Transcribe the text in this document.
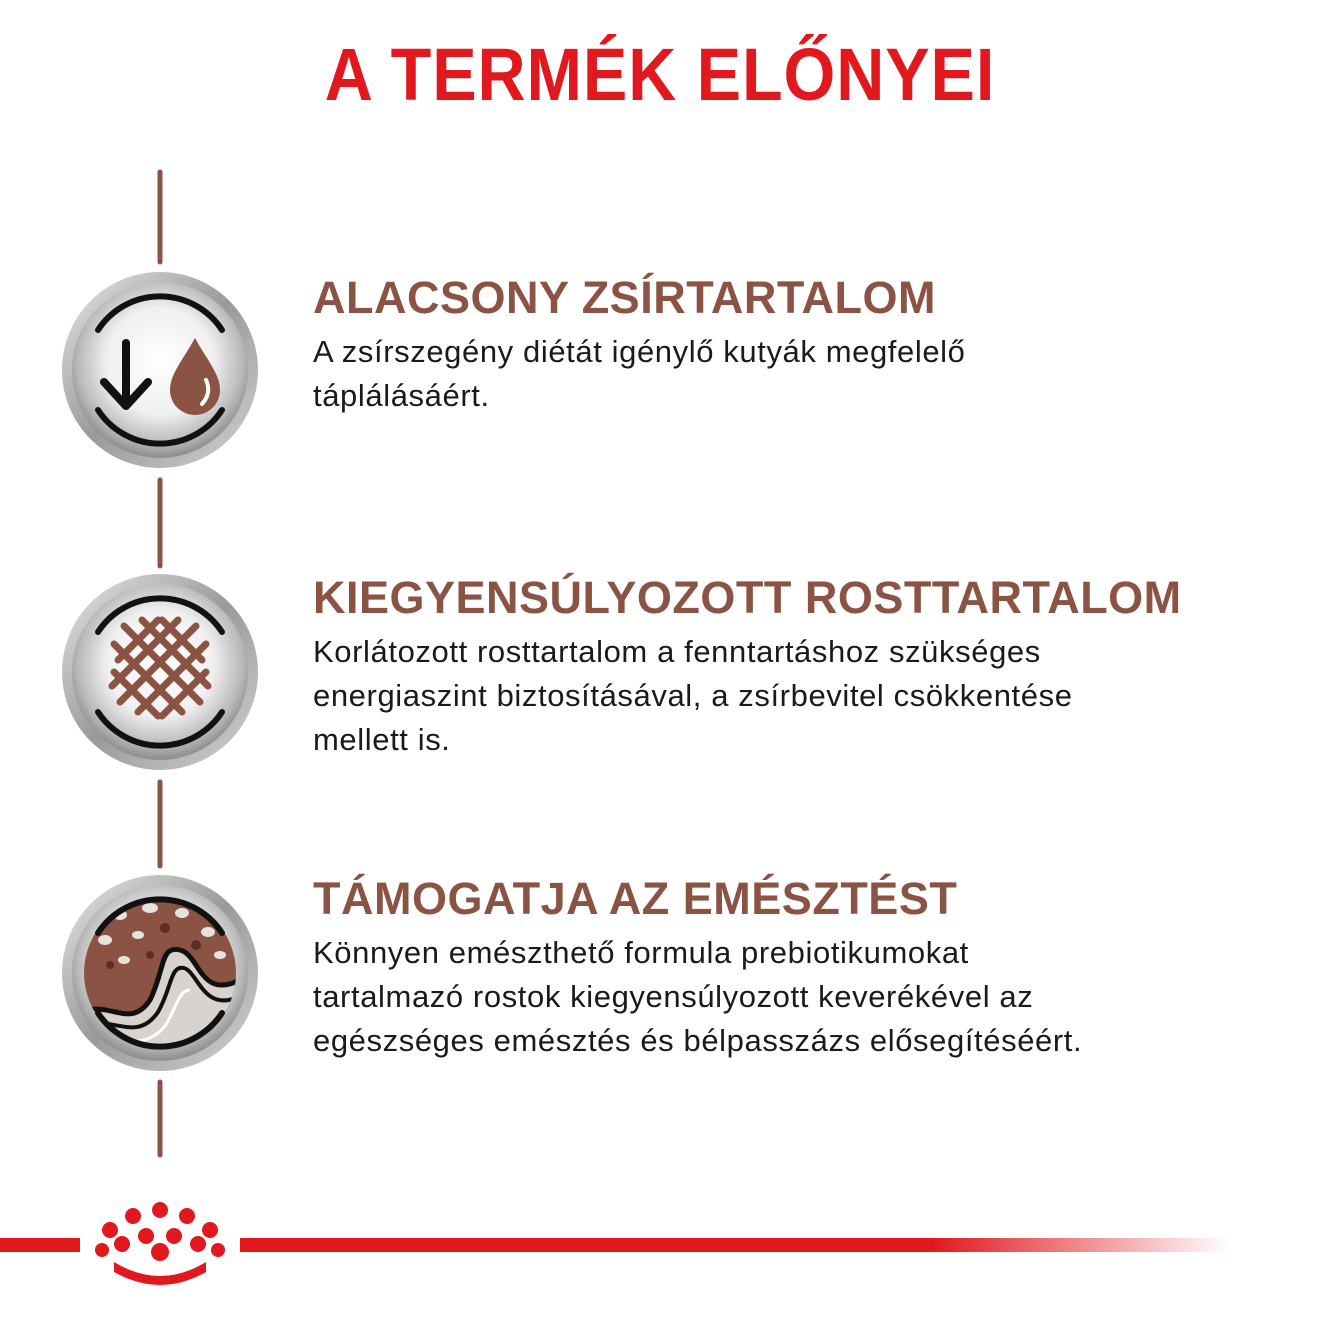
A TERMÉK ELŐNYEI
ALACSONY ZSÍRTARTALOM

A zsírszegény diétát igénylő kutyák megfelelő
táplálásáért.

KIEGYENSÚLYOZOTT ROSTTARTALOM

Korlátozott rosttartalom a fenntartáshoz szükséges
energiaszint biztosításával, a zsírbevitel csökkentése
mellett is.

TÁMOGATJA AZ EMÉSZTÉST

Könnyen emészthető formula prebiotikumokat
tartalmazó rostok kiegyensúlyozott keverékével az
egészséges emésztés és bélpasszázs elősegítéséért.
